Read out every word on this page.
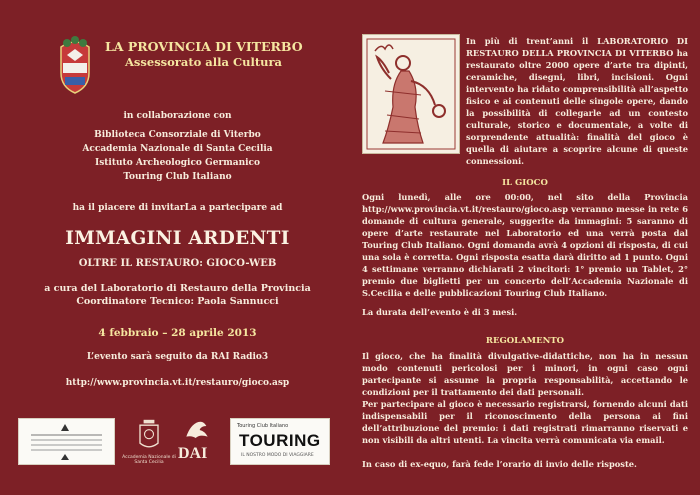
LA PROVINCIA DI VITERBO
Assessorato alla Cultura
in collaborazione con
Biblioteca Consorziale di Viterbo
Accademia Nazionale di Santa Cecilia
Istituto Archeologico Germanico
Touring Club Italiano
ha il piacere di invitarLa a partecipare ad
IMMAGINI ARDENTI
OLTRE IL RESTAURO: GIOCO-WEB
a cura del Laboratorio di Restauro della Provincia
Coordinatore Tecnico: Paola Sannucci
4 febbraio – 28 aprile 2013
L’evento sarà seguito da RAI Radio3
http://www.provincia.vt.it/restauro/gioco.asp
Accademia Nazionale di Santa Cecilia
DAI
Touring Club Italiano
TOURING
IL NOSTRO MODO DI VIAGGIARE
In più di trent’anni il LABORATORIO DI RESTAURO DELLA PROVINCIA DI VITERBO ha restaurato oltre 2000 opere d’arte tra dipinti, ceramiche, disegni, libri, incisioni. Ogni intervento ha ridato comprensibilità all’aspetto fisico e ai contenuti delle singole opere, dando la possibilità di collegarle ad un contesto culturale, storico e documentale, a volte di sorprendente attualità: finalità del gioco è quella di aiutare a scoprire alcune di queste connessioni.
IL GIOCO
Ogni lunedì, alle ore 00:00, nel sito della Provincia http://www.provincia.vt.it/restauro/gioco.asp verranno messe in rete 6 domande di cultura generale, suggerite da immagini: 5 saranno di opere d’arte restaurate nel Laboratorio ed una verrà posta dal Touring Club Italiano. Ogni domanda avrà 4 opzioni di risposta, di cui una sola è corretta. Ogni risposta esatta darà diritto ad 1 punto. Ogni 4 settimane verranno dichiarati 2 vincitori: 1° premio un Tablet, 2° premio due biglietti per un concerto dell’Accademia Nazionale di S.Cecilia e delle pubblicazioni Touring Club Italiano.
La durata dell’evento è di 3 mesi.
REGOLAMENTO
Il gioco, che ha finalità divulgative-didattiche, non ha in nessun modo contenuti pericolosi per i minori, in ogni caso ogni partecipante si assume la propria responsabilità, accettando le condizioni per il trattamento dei dati personali.
Per partecipare al gioco è necessario registrarsi, fornendo alcuni dati indispensabili per il riconoscimento della persona ai fini dell’attribuzione del premio: i dati registrati rimarranno riservati e non visibili da altri utenti. La vincita verrà comunicata via email.
In caso di ex-equo, farà fede l’orario di invio delle risposte.
